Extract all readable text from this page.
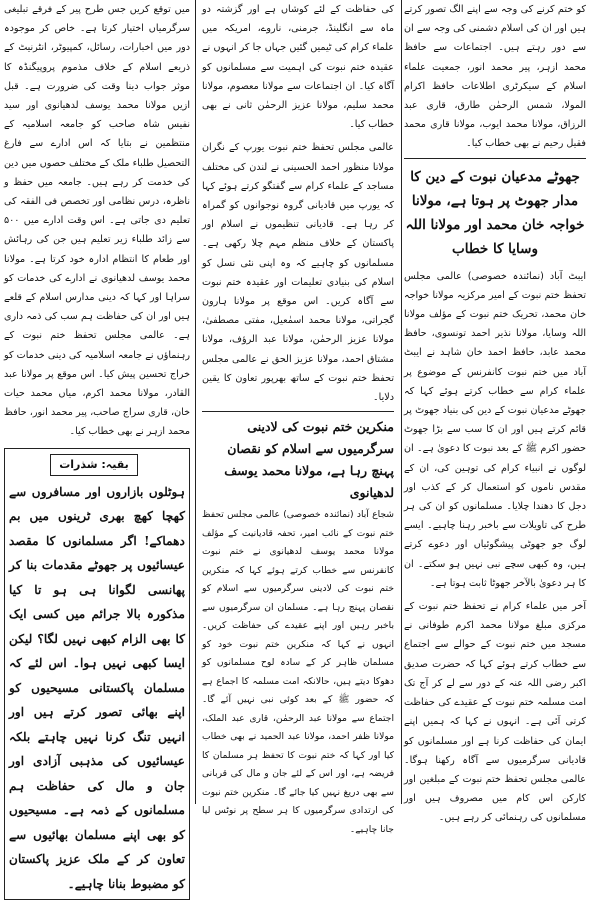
کو ختم کرنے کی وجہ سے اپنے الگ تصور کرتے ہیں اور ان کی اسلام دشمنی کی وجہ سے ان سے دور رہتے ہیں۔ اجتماعات سے حافظ محمد ازہر، پیر محمد انور، جمعیت علماء اسلام کے سیکرٹری اطلاعات حافظ اکرام المولا، شمس الرحمٰن طارق، قاری عبد الرزاق، مولانا محمد ایوب، مولانا قاری محمد فقیل رحیم نے بھی خطاب کیا۔

جھوٹے مدعیان نبوت کے دین کا مدار جھوٹ پر ہوتا ہے، مولانا خواجہ خان محمد اور مولانا اللہ وسایا کا خطاب

ایبٹ آباد (نمائندہ خصوصی) عالمی مجلس تحفظ ختم نبوت کے امیر مرکزیہ مولانا خواجہ خان محمد، تحریک ختم نبوت کے مؤلف مولانا اللہ وسایا، مولانا نذیر احمد تونسوی، حافظ محمد عابد، حافظ احمد خان شاہد نے ایبٹ آباد میں ختم نبوت کانفرنس کے موضوع پر علماء کرام سے خطاب کرتے ہوئے کہا کہ جھوٹے مدعیان نبوت کے دین کی بنیاد جھوٹ پر قائم کرتے ہیں اور ان کا سب سے بڑا جھوٹ حضور اکرم ﷺ کے بعد نبوت کا دعویٰ ہے۔ ان لوگوں نے انبیاء کرام کی توہین کی، ان کے مقدس ناموں کو استعمال کر کے کذب اور دجل کا دھندا چلایا۔ مسلمانوں کو ان کی ہر طرح کی تاویلات سے باخبر رہنا چاہیے۔ ایسے لوگ جو جھوٹی پیشگوئیاں اور دعوے کرتے ہیں، وہ کبھی سچے نبی نہیں ہو سکتے۔ ان کا ہر دعویٰ بالآخر جھوٹا ثابت ہوتا ہے۔

آخر میں علماء کرام نے تحفظ ختم نبوت کے مرکزی مبلغ مولانا محمد اکرم طوفانی نے مسجد میں ختم نبوت کے حوالے سے اجتماع سے خطاب کرتے ہوئے کہا کہ حضرت صدیق اکبر رضی اللہ عنہ کے دور سے لے کر آج تک امت مسلمہ ختم نبوت کے عقیدے کی حفاظت کرتی آئی ہے۔ انہوں نے کہا کہ ہمیں اپنے ایمان کی حفاظت کرنا ہے اور مسلمانوں کو قادیانی سرگرمیوں سے آگاہ رکھنا ہوگا۔ عالمی مجلس تحفظ ختم نبوت کے مبلغین اور کارکن اس کام میں مصروف ہیں اور مسلمانوں کی رہنمائی کر رہے ہیں۔

کی حفاظت کے لئے کوشاں ہے اور گزشتہ دو ماہ سے انگلینڈ، جرمنی، ناروے، امریکہ میں علماء کرام کی ٹیمیں گئیں جہاں جا کر انہوں نے عقیدہ ختم نبوت کی اہمیت سے مسلمانوں کو آگاہ کیا۔ ان اجتماعات سے مولانا معصوم، مولانا محمد سلیم، مولانا عزیز الرحمٰن ثانی نے بھی خطاب کیا۔

عالمی مجلس تحفظ ختم نبوت یورپ کے نگران مولانا منظور احمد الحسینی نے لندن کی مختلف مساجد کے علماء کرام سے گفتگو کرتے ہوئے کہا کہ یورپ میں قادیانی گروہ نوجوانوں کو گمراہ کر رہا ہے۔ قادیانی تنظیموں نے اسلام اور پاکستان کے خلاف منظم مہم چلا رکھی ہے۔ مسلمانوں کو چاہیے کہ وہ اپنی نئی نسل کو اسلام کی بنیادی تعلیمات اور عقیدہ ختم نبوت سے آگاہ کریں۔ اس موقع پر مولانا ہارون گجراتی، مولانا محمد اسمٰعیل، مفتی مصطفیٰ، مولانا عزیز الرحمٰن، مولانا عبد الرؤف، مولانا مشتاق احمد، مولانا عزیز الحق نے عالمی مجلس تحفظ ختم نبوت کے ساتھ بھرپور تعاون کا یقین دلایا۔

منکرین ختم نبوت کی لادینی سرگرمیوں سے اسلام کو نقصان پہنچ رہا ہے، مولانا محمد یوسف لدھیانوی

شجاع آباد (نمائندہ خصوصی) عالمی مجلس تحفظ ختم نبوت کے نائب امیر، تحفہ قادیانیت کے مؤلف مولانا محمد یوسف لدھیانوی نے ختم نبوت کانفرنس سے خطاب کرتے ہوئے کہا کہ منکرین ختم نبوت کی لادینی سرگرمیوں سے اسلام کو نقصان پہنچ رہا ہے۔ مسلمان ان سرگرمیوں سے باخبر رہیں اور اپنے عقیدے کی حفاظت کریں۔ انہوں نے کہا کہ منکرین ختم نبوت خود کو مسلمان ظاہر کر کے سادہ لوح مسلمانوں کو دھوکا دیتے ہیں، حالانکہ امت مسلمہ کا اجماع ہے کہ حضور ﷺ کے بعد کوئی نبی نہیں آئے گا۔ اجتماع سے مولانا عبد الرحمٰن، قاری عبد الملک، مولانا ظفر احمد، مولانا عبد الحمید نے بھی خطاب کیا اور کہا کہ ختم نبوت کا تحفظ ہر مسلمان کا فریضہ ہے، اور اس کے لئے جان و مال کی قربانی سے بھی دریغ نہیں کیا جائے گا۔ منکرین ختم نبوت کی ارتدادی سرگرمیوں کا ہر سطح پر نوٹس لیا جانا چاہیے۔

میں توقع کریں جس طرح پیر کے فرقے تبلیغی سرگرمیاں اختیار کرتا ہے۔ خاص کر موجودہ دور میں اخبارات، رسائل، کمپیوٹر، انٹرنیٹ کے ذریعے اسلام کے خلاف مذموم پروپیگنڈہ کا موثر جواب دینا وقت کی ضرورت ہے۔ قبل ازیں مولانا محمد یوسف لدھیانوی اور سید نفیس شاہ صاحب کو جامعہ اسلامیہ کے منتظمین نے بتایا کہ اس ادارے سے فارغ التحصیل طلباء ملک کے مختلف حصوں میں دین کی خدمت کر رہے ہیں۔ جامعہ میں حفظ و ناظرہ، درس نظامی اور تخصص فی الفقہ کی تعلیم دی جاتی ہے۔ اس وقت ادارے میں ۵۰۰ سے زائد طلباء زیر تعلیم ہیں جن کی رہائش اور طعام کا انتظام ادارہ خود کرتا ہے۔ مولانا محمد یوسف لدھیانوی نے ادارے کی خدمات کو سراہا اور کہا کہ دینی مدارس اسلام کے قلعے ہیں اور ان کی حفاظت ہم سب کی ذمہ داری ہے۔ عالمی مجلس تحفظ ختم نبوت کے رہنماؤں نے جامعہ اسلامیہ کی دینی خدمات کو خراج تحسین پیش کیا۔ اس موقع پر مولانا عبد القادر، مولانا محمد اکرم، میاں محمد حیات خان، قاری سراج صاحب، پیر محمد انور، حافظ محمد ازہر نے بھی خطاب کیا۔

بقیہ: شذرات
ہوٹلوں بازاروں اور مسافروں سے کھچا کھچ بھری ٹرینوں میں بم دھماکے! اگر مسلمانوں کا مقصد عیسائیوں پر جھوٹے مقدمات بنا کر پھانسی لگوانا ہی ہو تا کیا مذکورہ بالا جرائم میں کسی ایک کا بھی الزام کبھی نہیں لگا؟ لیکن ایسا کبھی نہیں ہوا۔ اس لئے کہ مسلمان پاکستانی مسیحیوں کو اپنے بھائی تصور کرتے ہیں اور انہیں تنگ کرنا نہیں چاہتے بلکہ عیسائیوں کی مذہبی آزادی اور جان و مال کی حفاظت ہم مسلمانوں کے ذمہ ہے۔ مسیحیوں کو بھی اپنے مسلمان بھائیوں سے تعاون کر کے ملک عزیز پاکستان کو مضبوط بنانا چاہیے۔
